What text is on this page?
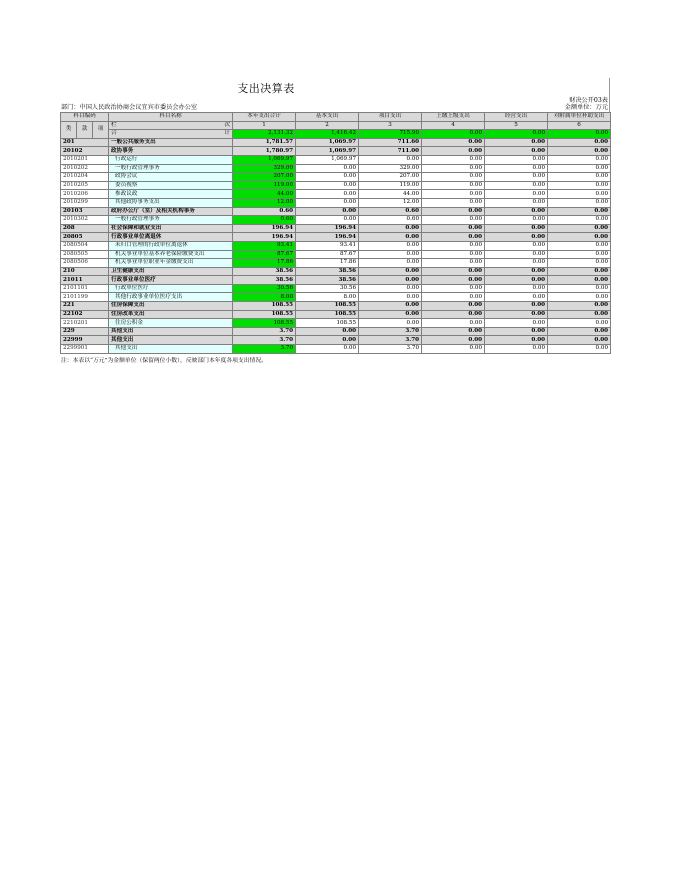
支出决算表
财决公开03表
部门：中国人民政治协商会议宜宾市委员会办公室	金额单位：万元
科目编码			科目名称	本年支出合计	基本支出	项目支出	上缴上级支出	经营支出	对附属单位补助支出
类	款	项	栏 次	1	2	3	4	5	6
			合 计	2,131.32	1,416.42	715.90	0.00	0.00	0.00
201			一般公共服务支出	1,781.57	1,069.97	711.60	0.00	0.00	0.00
20102			政协事务	1,780.97	1,069.97	711.00	0.00	0.00	0.00
2010201			行政运行	1,069.97	1,069.97	0.00	0.00	0.00	0.00
2010202			一般行政管理事务	329.00	0.00	329.00	0.00	0.00	0.00
2010204			政协会议	207.00	0.00	207.00	0.00	0.00	0.00
2010205			委员视察	119.00	0.00	119.00	0.00	0.00	0.00
2010206			参政议政	44.00	0.00	44.00	0.00	0.00	0.00
2010299			其他政协事务支出	12.00	0.00	12.00	0.00	0.00	0.00
20103			政府办公厅（室）及相关机构事务	0.60	0.00	0.60	0.00	0.00	0.00
2010302			一般行政管理事务	0.60	0.00	0.60	0.00	0.00	0.00
208			社会保障和就业支出	196.94	196.94	0.00	0.00	0.00	0.00
20805			行政事业单位离退休	196.94	196.94	0.00	0.00	0.00	0.00
2080504			未归口管理的行政单位离退休	93.41	93.41	0.00	0.00	0.00	0.00
2080505			机关事业单位基本养老保险缴费支出	87.67	87.67	0.00	0.00	0.00	0.00
2080506			机关事业单位职业年金缴费支出	17.86	17.86	0.00	0.00	0.00	0.00
210			卫生健康支出	38.56	38.56	0.00	0.00	0.00	0.00
21011			行政事业单位医疗	38.56	38.56	0.00	0.00	0.00	0.00
2101101			行政单位医疗	30.56	30.56	0.00	0.00	0.00	0.00
2101199			其他行政事业单位医疗支出	8.00	8.00	0.00	0.00	0.00	0.00
221			住房保障支出	108.55	108.55	0.00	0.00	0.00	0.00
22102			住房改革支出	108.55	108.55	0.00	0.00	0.00	0.00
2210201			住房公积金	108.55	108.55	0.00	0.00	0.00	0.00
229			其他支出	3.70	0.00	3.70	0.00	0.00	0.00
22999			其他支出	3.70	0.00	3.70	0.00	0.00	0.00
2299901			其他支出	3.70	0.00	3.70	0.00	0.00	0.00
注：本表以“万元”为金额单位（保留两位小数），反映部门本年度各项支出情况。
